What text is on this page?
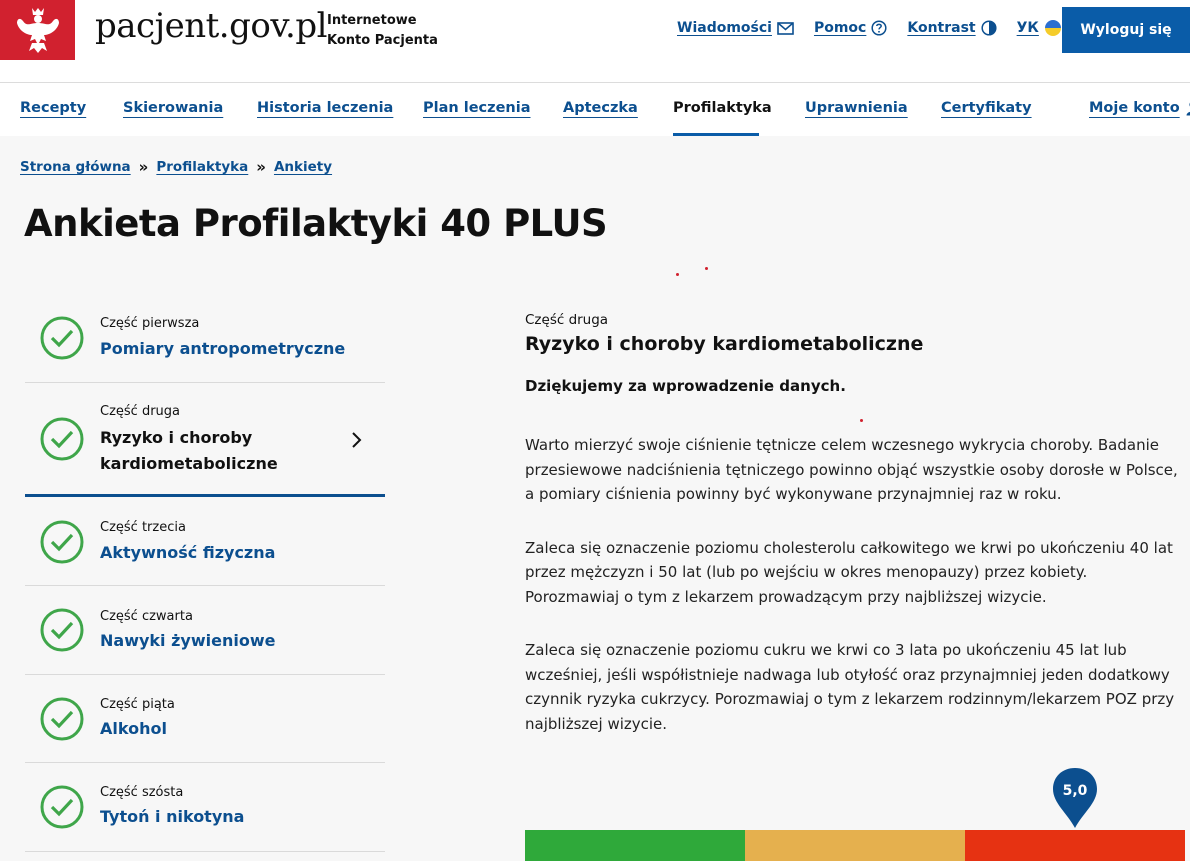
pacjent.gov.pl Internetowe
Konto Pacjenta
Wiadomości	Pomoc	Kontrast	УК	Wyloguj się
Recepty	Skierowania Historia leczenia Plan leczenia Apteczka Profilaktyka Uprawnienia Certyfikaty	Moje konto
Strona główna » Profilaktyka » Ankiety
Ankieta Profilaktyki 40 PLUS
Część pierwsza
Pomiary antropometryczne
Część druga
Ryzyko i choroby
kardiometaboliczne
Część trzecia
Aktywność fizyczna
Część czwarta
Nawyki żywieniowe
Część piąta
Alkohol
Część szósta
Tytoń i nikotyna
Część druga
Ryzyko i choroby kardiometaboliczne
Dziękujemy za wprowadzenie danych.

Warto mierzyć swoje ciśnienie tętnicze celem wczesnego wykrycia choroby. Badanie przesiewowe nadciśnienia tętniczego powinno objąć wszystkie osoby dorosłe w Polsce, a pomiary ciśnienia powinny być wykonywane przynajmniej raz w roku.

Zaleca się oznaczenie poziomu cholesterolu całkowitego we krwi po ukończeniu 40 lat przez mężczyzn i 50 lat (lub po wejściu w okres menopauzy) przez kobiety. Porozmawiaj o tym z lekarzem prowadzącym przy najbliższej wizycie.

Zaleca się oznaczenie poziomu cukru we krwi co 3 lata po ukończeniu 45 lat lub wcześniej, jeśli współistnieje nadwaga lub otyłość oraz przynajmniej jeden dodatkowy czynnik ryzyka cukrzycy. Porozmawiaj o tym z lekarzem rodzinnym/lekarzem POZ przy najbliższej wizycie.

5,0
